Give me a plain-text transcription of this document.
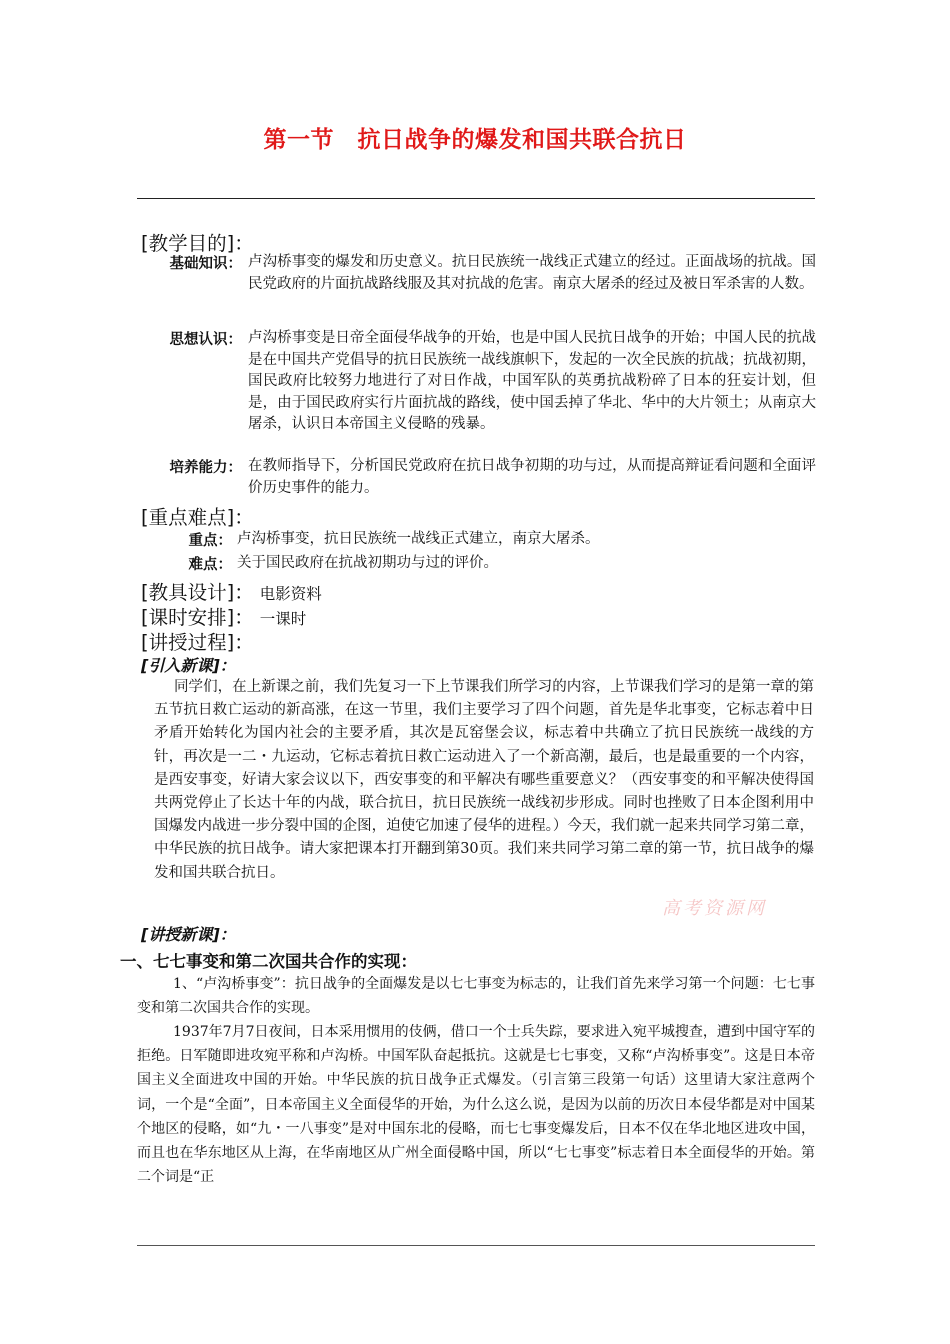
第一节　抗日战争的爆发和国共联合抗日
[教学目的]：
基础知识： 卢沟桥事变的爆发和历史意义。抗日民族统一战线正式建立的经过。正面战场的抗战。国民党政府的片面抗战路线服及其对抗战的危害。南京大屠杀的经过及被日军杀害的人数。
思想认识： 卢沟桥事变是日帝全面侵华战争的开始，也是中国人民抗日战争的开始；中国人民的抗战是在中国共产党倡导的抗日民族统一战线旗帜下，发起的一次全民族的抗战；抗战初期，国民政府比较努力地进行了对日作战，中国军队的英勇抗战粉碎了日本的狂妄计划，但是，由于国民政府实行片面抗战的路线，使中国丢掉了华北、华中的大片领土；从南京大屠杀，认识日本帝国主义侵略的残暴。
培养能力： 在教师指导下，分析国民党政府在抗日战争初期的功与过，从而提高辩证看问题和全面评价历史事件的能力。
[重点难点]：
重点： 卢沟桥事变，抗日民族统一战线正式建立，南京大屠杀。
难点： 关于国民政府在抗战初期功与过的评价。
[教具设计]： 电影资料
[课时安排]： 一课时
[讲授过程]：
[引入新课]：
同学们，在上新课之前，我们先复习一下上节课我们所学习的内容，上节课我们学习的是第一章的第五节抗日救亡运动的新高涨，在这一节里，我们主要学习了四个问题，首先是华北事变，它标志着中日矛盾开始转化为国内社会的主要矛盾，其次是瓦窑堡会议，标志着中共确立了抗日民族统一战线的方针，再次是一二・九运动，它标志着抗日救亡运动进入了一个新高潮，最后，也是最重要的一个内容，是西安事变，好请大家会议以下，西安事变的和平解决有哪些重要意义？（西安事变的和平解决使得国共两党停止了长达十年的内战，联合抗日，抗日民族统一战线初步形成。同时也挫败了日本企图利用中国爆发内战进一步分裂中国的企图，迫使它加速了侵华的进程。）今天，我们就一起来共同学习第二章，中华民族的抗日战争。请大家把课本打开翻到第30页。我们来共同学习第二章的第一节，抗日战争的爆发和国共联合抗日。
高考资源网
[讲授新课]：
一、七七事变和第二次国共合作的实现：
1、“卢沟桥事变”：抗日战争的全面爆发是以七七事变为标志的，让我们首先来学习第一个问题：七七事变和第二次国共合作的实现。
1937年7月7日夜间，日本采用惯用的伎俩，借口一个士兵失踪，要求进入宛平城搜查，遭到中国守军的拒绝。日军随即进攻宛平称和卢沟桥。中国军队奋起抵抗。这就是七七事变，又称“卢沟桥事变”。这是日本帝国主义全面进攻中国的开始。中华民族的抗日战争正式爆发。（引言第三段第一句话）这里请大家注意两个词，一个是“全面”，日本帝国主义全面侵华的开始，为什么这么说，是因为以前的历次日本侵华都是对中国某个地区的侵略，如“九・一八事变”是对中国东北的侵略，而七七事变爆发后，日本不仅在华北地区进攻中国，而且也在华东地区从上海，在华南地区从广州全面侵略中国，所以“七七事变”标志着日本全面侵华的开始。第二个词是“正
